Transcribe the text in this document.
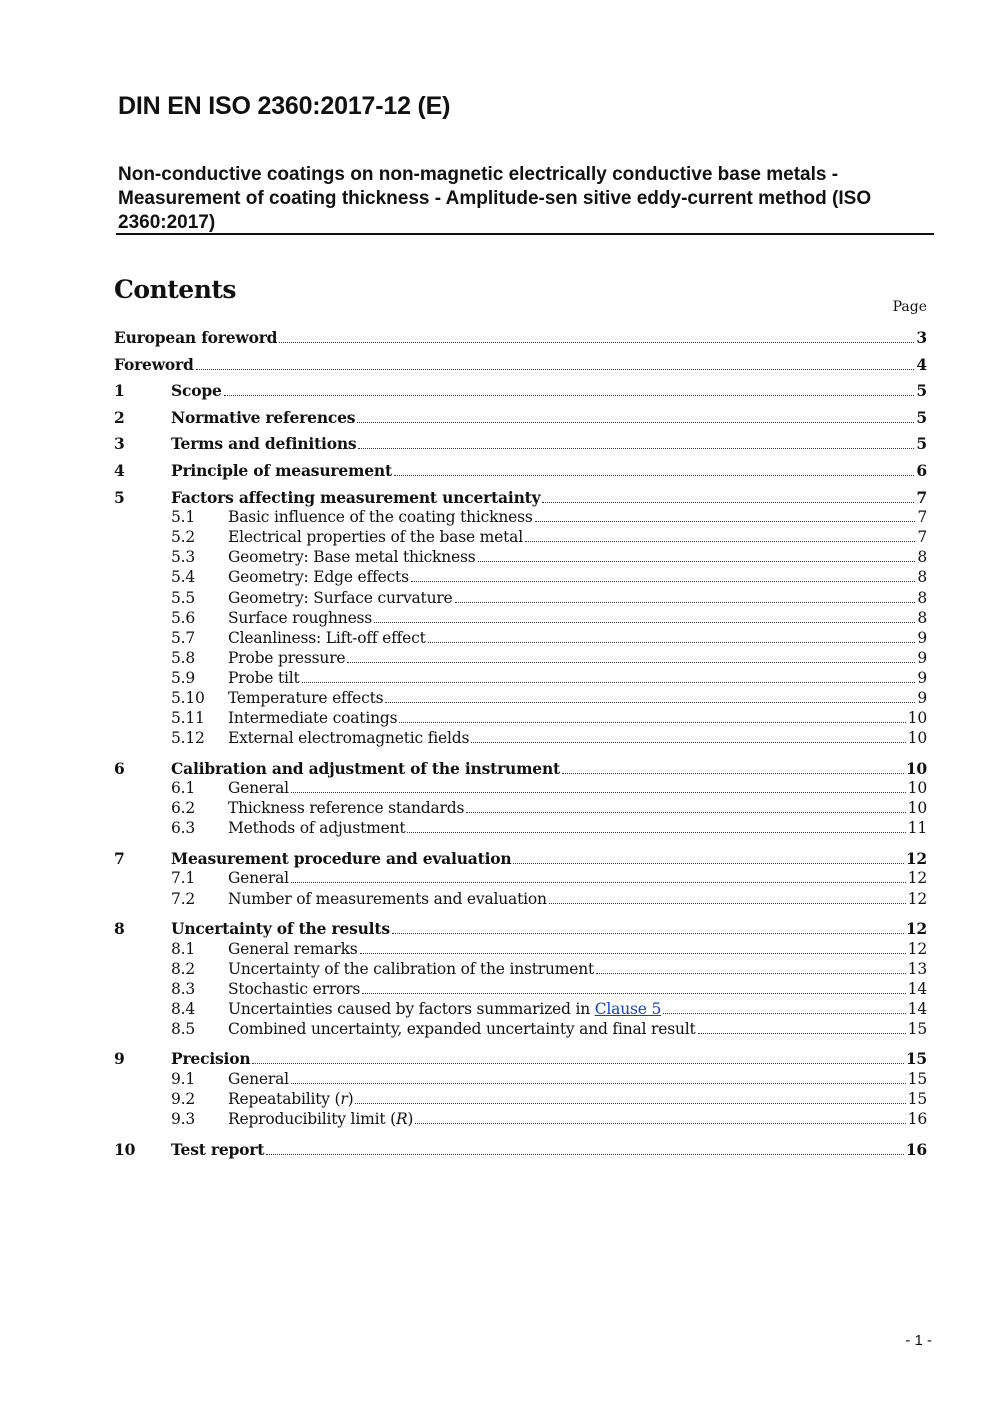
DIN EN ISO 2360:2017-12 (E)
Non-conductive coatings on non-magnetic electrically conductive base metals -
Measurement of coating thickness - Amplitude-sen sitive eddy-current method (ISO
2360:2017)
Contents
Page
European foreword	3
Foreword	4
1	Scope	5
2	Normative references	5
3	Terms and definitions	5
4	Principle of measurement	6
5	Factors affecting measurement uncertainty	7
5.1	Basic influence of the coating thickness	7
5.2	Electrical properties of the base metal	7
5.3	Geometry: Base metal thickness	8
5.4	Geometry: Edge effects	8
5.5	Geometry: Surface curvature	8
5.6	Surface roughness	8
5.7	Cleanliness: Lift-off effect	9
5.8	Probe pressure	9
5.9	Probe tilt	9
5.10	Temperature effects	9
5.11	Intermediate coatings	10
5.12	External electromagnetic fields	10
6	Calibration and adjustment of the instrument	10
6.1	General	10
6.2	Thickness reference standards	10
6.3	Methods of adjustment	11
7	Measurement procedure and evaluation	12
7.1	General	12
7.2	Number of measurements and evaluation	12
8	Uncertainty of the results	12
8.1	General remarks	12
8.2	Uncertainty of the calibration of the instrument	13
8.3	Stochastic errors	14
8.4	Uncertainties caused by factors summarized in Clause 5	14
8.5	Combined uncertainty, expanded uncertainty and final result	15
9	Precision	15
9.1	General	15
9.2	Repeatability (r)	15
9.3	Reproducibility limit (R)	16
10	Test report	16
- 1 -
